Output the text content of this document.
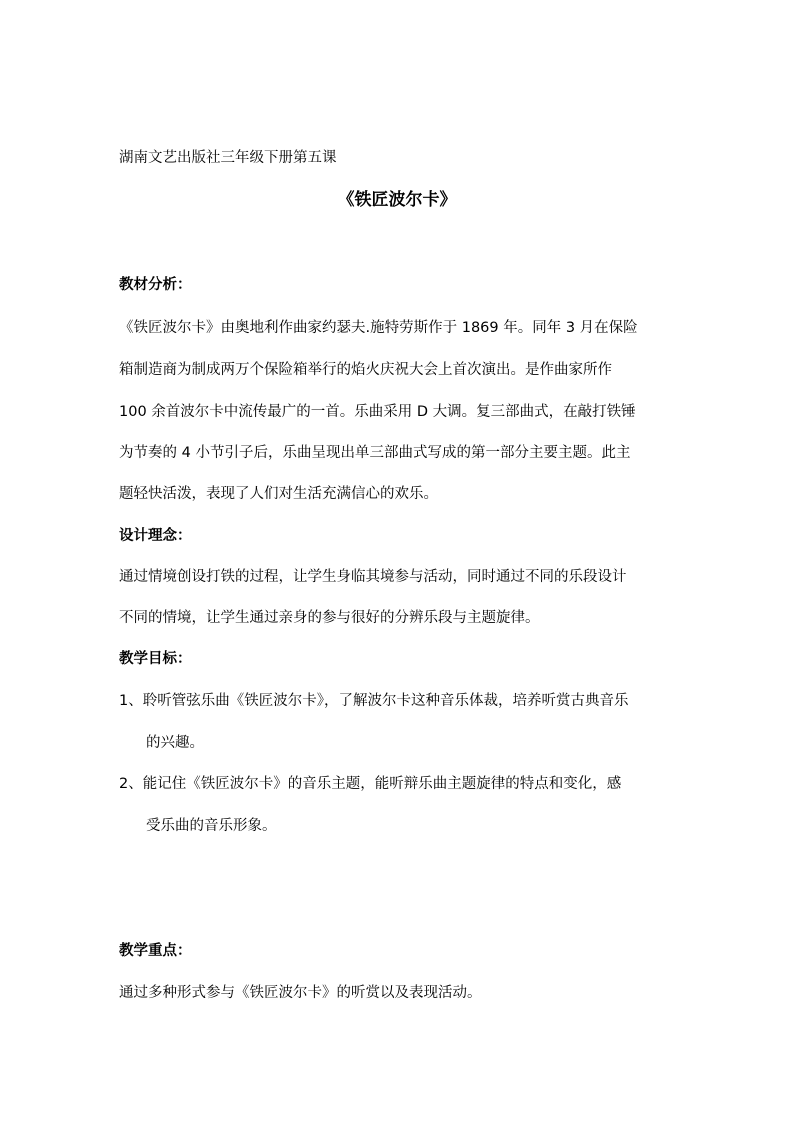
湖南文艺出版社三年级下册第五课
《铁匠波尔卡》
教材分析：
《铁匠波尔卡》由奥地利作曲家约瑟夫.施特劳斯作于 1869 年。同年 3 月在保险
箱制造商为制成两万个保险箱举行的焰火庆祝大会上首次演出。是作曲家所作
100 余首波尔卡中流传最广的一首。乐曲采用 D 大调。复三部曲式，在敲打铁锤
为节奏的 4 小节引子后，乐曲呈现出单三部曲式写成的第一部分主要主题。此主
题轻快活泼，表现了人们对生活充满信心的欢乐。
设计理念：
通过情境创设打铁的过程，让学生身临其境参与活动，同时通过不同的乐段设计
不同的情境，让学生通过亲身的参与很好的分辨乐段与主题旋律。
教学目标：
1、聆听管弦乐曲《铁匠波尔卡》，了解波尔卡这种音乐体裁，培养听赏古典音乐
的兴趣。
2、能记住《铁匠波尔卡》的音乐主题，能听辩乐曲主题旋律的特点和变化，感
受乐曲的音乐形象。
教学重点：
通过多种形式参与《铁匠波尔卡》的听赏以及表现活动。
